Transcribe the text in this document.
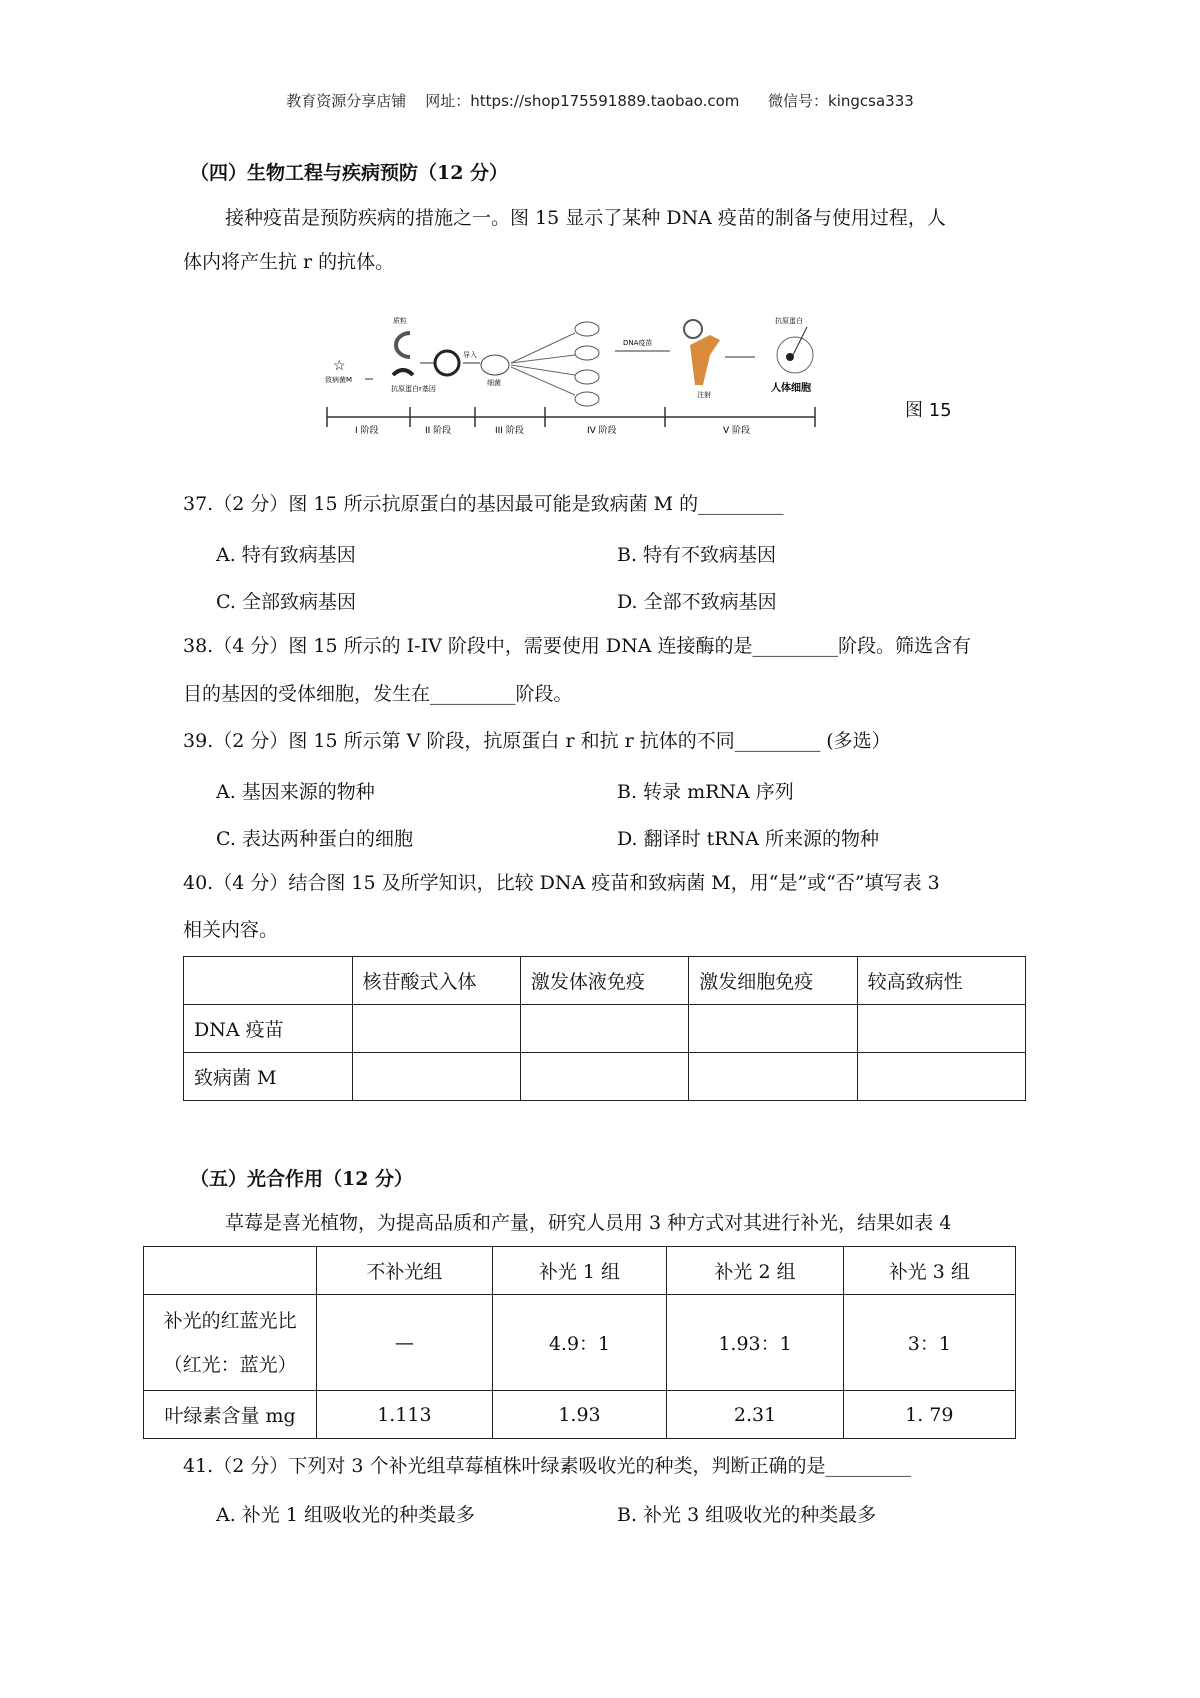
教育资源分享店铺    网址：https://shop175591889.taobao.com      微信号：kingcsa333
（四）生物工程与疾病预防（12 分）
接种疫苗是预防疾病的措施之一。图 15 显示了某种 DNA 疫苗的制备与使用过程，人
体内将产生抗 r 的抗体。
☆
致病菌M
质粒
抗原蛋白r基因
导入
细菌
DNA疫苗
注射
抗原蛋白
人体细胞
I 阶段	II 阶段	III 阶段	IV 阶段	V 阶段
图 15
37.（2 分）图 15 所示抗原蛋白的基因最可能是致病菌 M 的_________
A. 特有致病基因	B. 特有不致病基因
C. 全部致病基因	D. 全部不致病基因
38.（4 分）图 15 所示的 I-IV 阶段中，需要使用 DNA 连接酶的是_________阶段。筛选含有
目的基因的受体细胞，发生在_________阶段。
39.（2 分）图 15 所示第 V 阶段，抗原蛋白 r 和抗 r 抗体的不同_________ (多选）
A. 基因来源的物种	B. 转录 mRNA 序列
C. 表达两种蛋白的细胞	D. 翻译时 tRNA 所来源的物种
40.（4 分）结合图 15 及所学知识，比较 DNA 疫苗和致病菌 M，用“是”或“否”填写表 3
相关内容。
	核苷酸式入体	激发体液免疫	激发细胞免疫	较高致病性
DNA 疫苗				
致病菌 M				
（五）光合作用（12 分）
草莓是喜光植物，为提高品质和产量，研究人员用 3 种方式对其进行补光，结果如表 4
	不补光组	补光 1 组	补光 2 组	补光 3 组

补光的红蓝光比
（红光：蓝光）	—	4.9：1	1.93：1	3：1
叶绿素含量 mg	1.113	1.93	2.31	1. 79
41.（2 分）下列对 3 个补光组草莓植株叶绿素吸收光的种类，判断正确的是_________
A. 补光 1 组吸收光的种类最多	B. 补光 3 组吸收光的种类最多
